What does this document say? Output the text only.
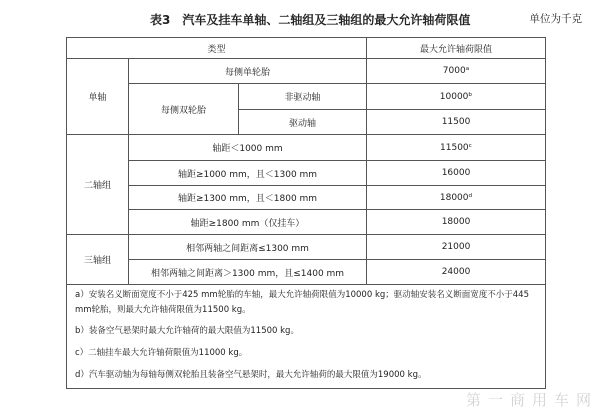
表3　汽车及挂车单轴、二轴组及三轴组的最大允许轴荷限值	单位为千克
类型			最大允许轴荷限值
单轴	每侧单轮胎		7000ᵃ
	每侧双轮胎	非驱动轴	10000ᵇ
		驱动轴	11500
二轴组	轴距＜1000 mm		11500ᶜ
	轴距≥1000 mm，且＜1300 mm		16000
	轴距≥1300 mm，且＜1800 mm		18000ᵈ
	轴距≥1800 mm（仅挂车）		18000
三轴组	相邻两轴之间距离≤1300 mm		21000
	相邻两轴之间距离＞1300 mm，且≤1400 mm		24000

a）安装名义断面宽度不小于425 mm轮胎的车轴，最大允许轴荷限值为10000 kg；驱动轴安装名义断面宽度不小于445 mm轮胎，则最大允许轴荷限值为11500 kg。
b）装备空气悬架时最大允许轴荷的最大限值为11500 kg。
c）二轴挂车最大允许轴荷限值为11000 kg。
d）汽车驱动轴为每轴每侧双轮胎且装备空气悬架时，最大允许轴荷的最大限值为19000 kg。			
第一商用车网
